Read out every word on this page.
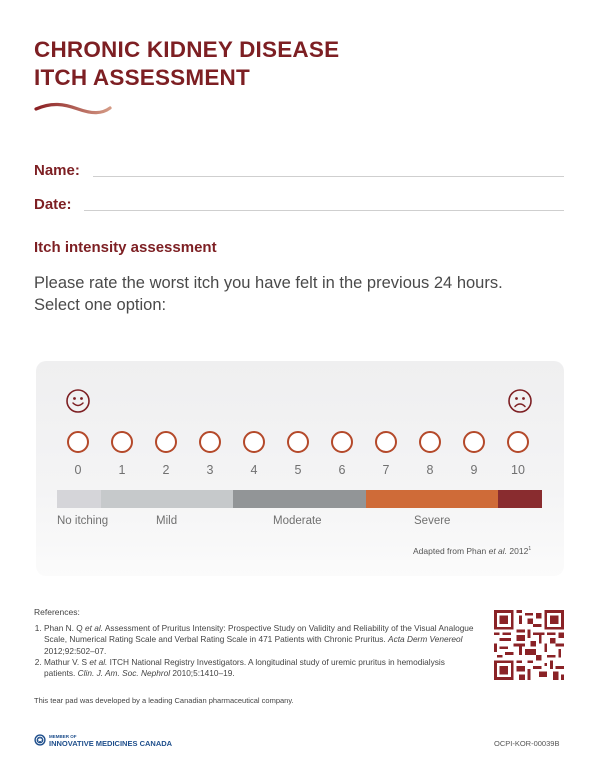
CHRONIC KIDNEY DISEASE
ITCH ASSESSMENT
Name:
Date:
Itch intensity assessment
Please rate the worst itch you have felt in the previous 24 hours.
Select one option:
0	1	2	3	4	5	6	7	8	9	10
No itching	Mild	Moderate	Severe
Adapted from Phan et al. 2012$^1$
References:
1. Phan N. Q et al. Assessment of Pruritus Intensity: Prospective Study on Validity and Reliability of the Visual Analogue Scale, Numerical Rating Scale and Verbal Rating Scale in 471 Patients with Chronic Pruritus. Acta Derm Venereol 2012;92:502–07.
2. Mathur V. S et al. ITCH National Registry Investigators. A longitudinal study of uremic pruritus in hemodialysis patients. Clin. J. Am. Soc. Nephrol 2010;5:1410–19.
This tear pad was developed by a leading Canadian pharmaceutical company.
MEMBER OF
INNOVATIVE MEDICINES CANADA	OCPI-KOR-00039B
